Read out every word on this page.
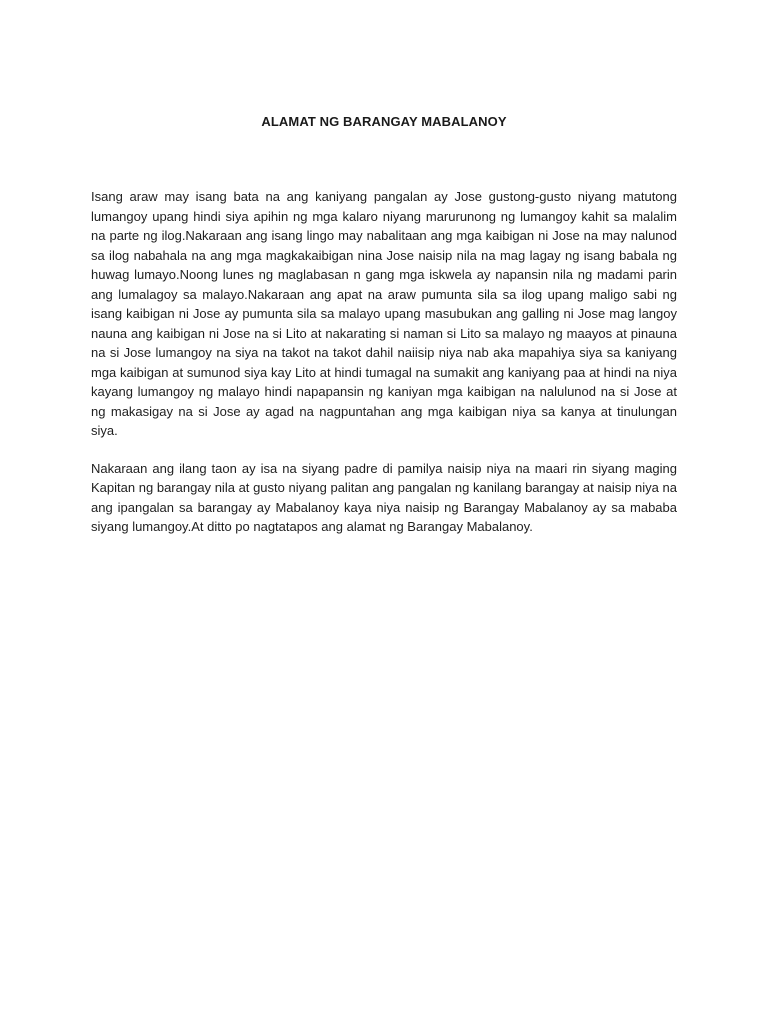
ALAMAT NG BARANGAY MABALANOY

Isang araw may isang bata na ang kaniyang pangalan ay Jose gustong-gusto niyang matutong lumangoy upang hindi siya apihin ng mga kalaro niyang marurunong ng lumangoy kahit sa malalim na parte ng ilog.Nakaraan ang isang lingo may nabalitaan ang mga kaibigan ni Jose na may nalunod sa ilog nabahala na ang mga magkakaibigan nina Jose naisip nila na mag lagay ng isang babala ng huwag lumayo.Noong lunes ng maglabasan n gang mga iskwela ay napansin nila ng madami parin ang lumalagoy sa malayo.Nakaraan ang apat na araw pumunta sila sa ilog upang maligo sabi ng isang kaibigan ni Jose ay pumunta sila sa malayo upang masubukan ang galling ni Jose mag langoy nauna ang kaibigan ni Jose na si Lito at nakarating si naman si Lito sa malayo ng maayos at pinauna na si Jose lumangoy na siya na takot na takot dahil naiisip niya nab aka mapahiya siya sa kaniyang mga kaibigan at sumunod siya kay Lito at hindi tumagal na sumakit ang kaniyang paa at hindi na niya kayang lumangoy ng malayo hindi napapansin ng kaniyan mga kaibigan na nalulunod na si Jose at ng makasigay na si Jose ay agad na nagpuntahan ang mga kaibigan niya sa kanya at tinulungan siya.

Nakaraan ang ilang taon ay isa na siyang padre di pamilya naisip niya na maari rin siyang maging Kapitan ng barangay nila at gusto niyang palitan ang pangalan ng kanilang barangay at naisip niya na ang ipangalan sa barangay ay Mabalanoy kaya niya naisip ng Barangay Mabalanoy ay sa mababa siyang lumangoy.At ditto po nagtatapos ang alamat ng Barangay Mabalanoy.
